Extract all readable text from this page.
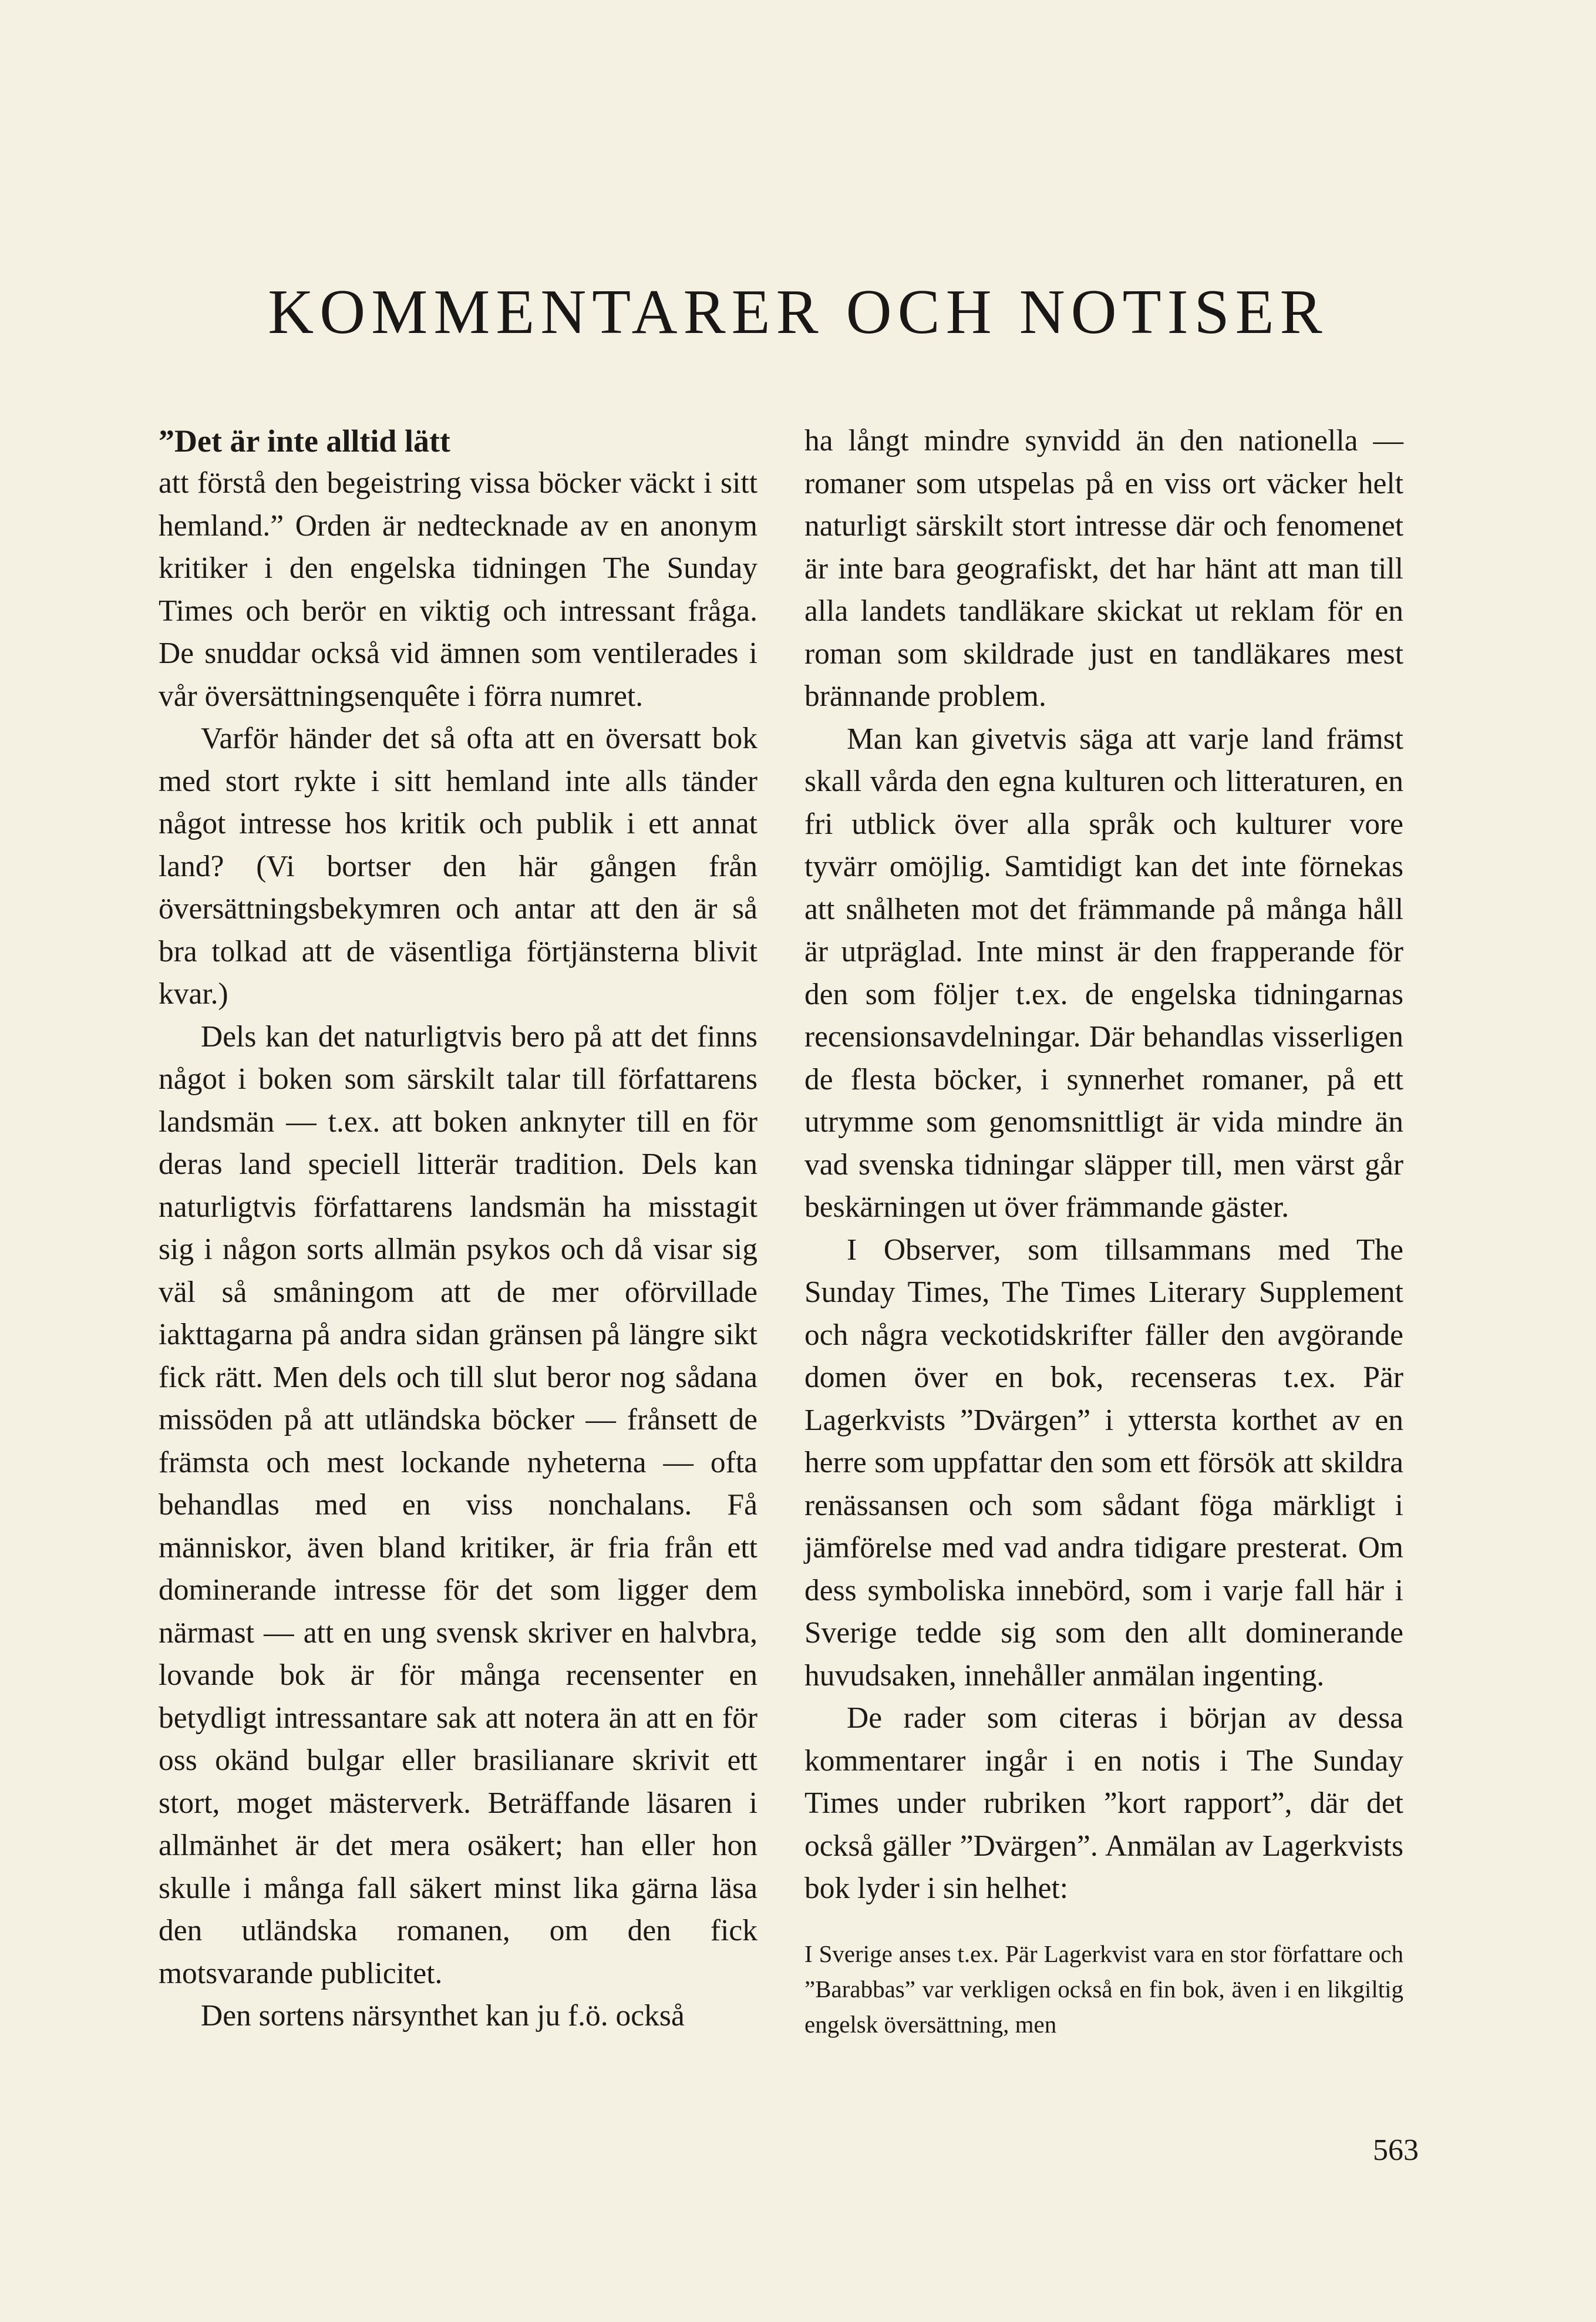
KOMMENTARER OCH NOTISER

”Det är inte alltid lätt

att förstå den begeistring vissa böcker väckt i sitt hemland.” Orden är nedtecknade av en anonym kritiker i den engelska tidningen The Sunday Times och berör en viktig och intressant fråga. De snuddar också vid ämnen som ventilerades i vår översättningsenquête i förra numret.

Varför händer det så ofta att en översatt bok med stort rykte i sitt hemland inte alls tänder något intresse hos kritik och publik i ett annat land? (Vi bortser den här gången från översättningsbekymren och antar att den är så bra tolkad att de väsentliga förtjänsterna blivit kvar.)

Dels kan det naturligtvis bero på att det finns något i boken som särskilt talar till författarens landsmän — t.ex. att boken anknyter till en för deras land speciell litterär tradition. Dels kan naturligtvis författarens landsmän ha misstagit sig i någon sorts allmän psykos och då visar sig väl så småningom att de mer oförvillade iakttagarna på andra sidan gränsen på längre sikt fick rätt. Men dels och till slut beror nog sådana missöden på att utländska böcker — frånsett de främsta och mest lockande nyheterna — ofta behandlas med en viss nonchalans. Få människor, även bland kritiker, är fria från ett dominerande intresse för det som ligger dem närmast — att en ung svensk skriver en halvbra, lovande bok är för många recensenter en betydligt intressantare sak att notera än att en för oss okänd bulgar eller brasilianare skrivit ett stort, moget mästerverk. Beträffande läsaren i allmänhet är det mera osäkert; han eller hon skulle i många fall säkert minst lika gärna läsa den utländska romanen, om den fick motsvarande publicitet.

Den sortens närsynthet kan ju f.ö. också

ha långt mindre synvidd än den nationella — romaner som utspelas på en viss ort väcker helt naturligt särskilt stort intresse där och fenomenet är inte bara geografiskt, det har hänt att man till alla landets tandläkare skickat ut reklam för en roman som skildrade just en tandläkares mest brännande problem.

Man kan givetvis säga att varje land främst skall vårda den egna kulturen och litteraturen, en fri utblick över alla språk och kulturer vore tyvärr omöjlig. Samtidigt kan det inte förnekas att snålheten mot det främmande på många håll är utpräglad. Inte minst är den frapperande för den som följer t.ex. de engelska tidningarnas recensionsavdelningar. Där behandlas visserligen de flesta böcker, i synnerhet romaner, på ett utrymme som genomsnittligt är vida mindre än vad svenska tidningar släpper till, men värst går beskärningen ut över främmande gäster.

I Observer, som tillsammans med The Sunday Times, The Times Literary Supplement och några veckotidskrifter fäller den avgörande domen över en bok, recenseras t.ex. Pär Lagerkvists ”Dvärgen” i yttersta korthet av en herre som uppfattar den som ett försök att skildra renässansen och som sådant föga märkligt i jämförelse med vad andra tidigare presterat. Om dess symboliska innebörd, som i varje fall här i Sverige tedde sig som den allt dominerande huvudsaken, innehåller anmälan ingenting.

De rader som citeras i början av dessa kommentarer ingår i en notis i The Sunday Times under rubriken ”kort rapport”, där det också gäller ”Dvärgen”. Anmälan av Lagerkvists bok lyder i sin helhet:

I Sverige anses t.ex. Pär Lagerkvist vara en stor författare och ”Barabbas” var verkligen också en fin bok, även i en likgiltig engelsk översättning, men

563
